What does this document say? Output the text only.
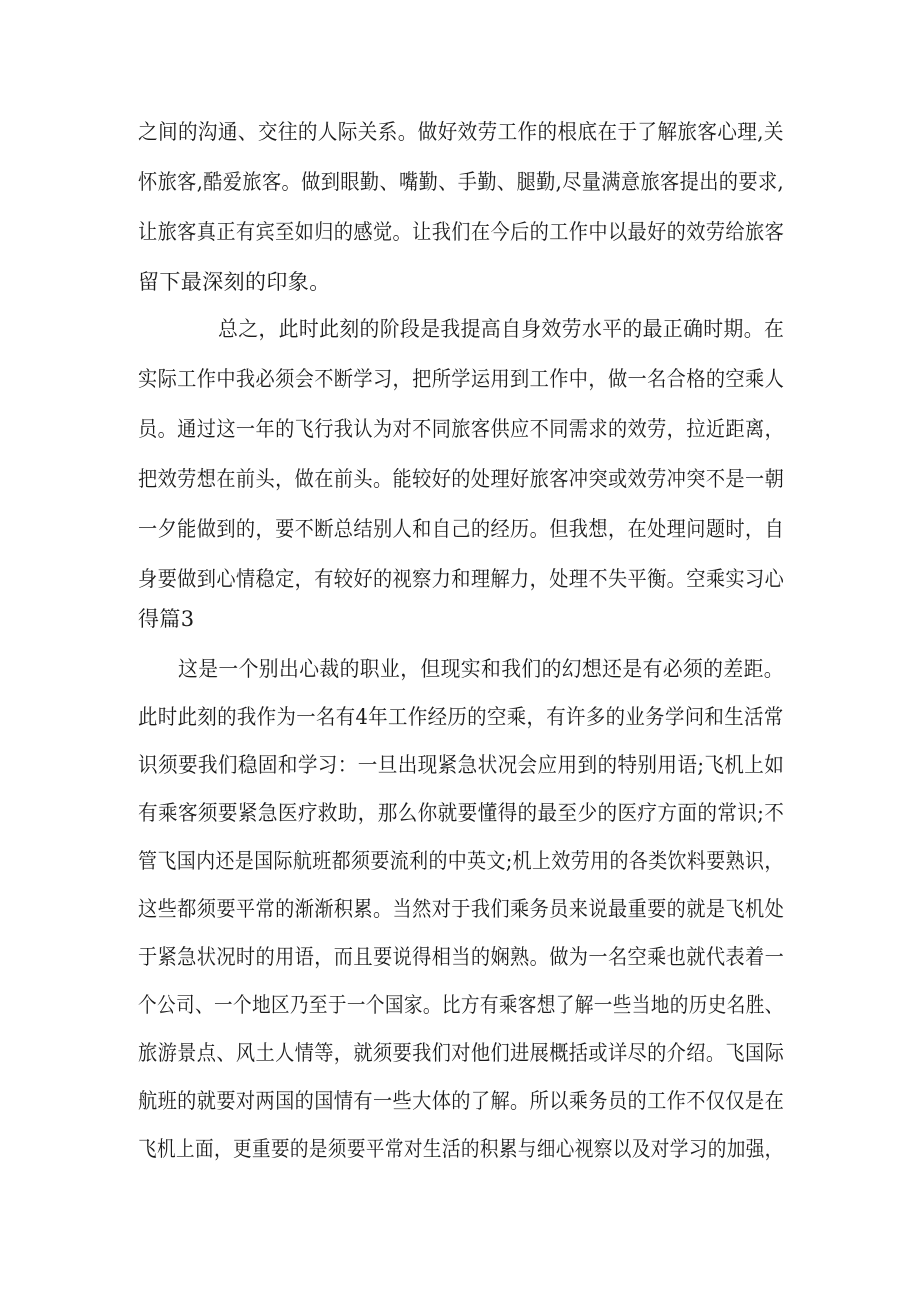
之间的沟通、交往的人际关系。做好效劳工作的根底在于了解旅客心理,关
怀旅客,酷爱旅客。做到眼勤、嘴勤、手勤、腿勤,尽量满意旅客提出的要求,
让旅客真正有宾至如归的感觉。让我们在今后的工作中以最好的效劳给旅客
留下最深刻的印象。
总之，此时此刻的阶段是我提高自身效劳水平的最正确时期。在
实际工作中我必须会不断学习，把所学运用到工作中，做一名合格的空乘人
员。通过这一年的飞行我认为对不同旅客供应不同需求的效劳，拉近距离，
把效劳想在前头，做在前头。能较好的处理好旅客冲突或效劳冲突不是一朝
一夕能做到的，要不断总结别人和自己的经历。但我想，在处理问题时，自
身要做到心情稳定，有较好的视察力和理解力，处理不失平衡。空乘实习心
得篇3
这是一个别出心裁的职业，但现实和我们的幻想还是有必须的差距。
此时此刻的我作为一名有4年工作经历的空乘，有许多的业务学问和生活常
识须要我们稳固和学习：一旦出现紧急状况会应用到的特别用语;飞机上如
有乘客须要紧急医疗救助，那么你就要懂得的最至少的医疗方面的常识;不
管飞国内还是国际航班都须要流利的中英文;机上效劳用的各类饮料要熟识，
这些都须要平常的渐渐积累。当然对于我们乘务员来说最重要的就是飞机处
于紧急状况时的用语，而且要说得相当的娴熟。做为一名空乘也就代表着一
个公司、一个地区乃至于一个国家。比方有乘客想了解一些当地的历史名胜、
旅游景点、风土人情等，就须要我们对他们进展概括或详尽的介绍。飞国际
航班的就要对两国的国情有一些大体的了解。所以乘务员的工作不仅仅是在
飞机上面，更重要的是须要平常对生活的积累与细心视察以及对学习的加强，
